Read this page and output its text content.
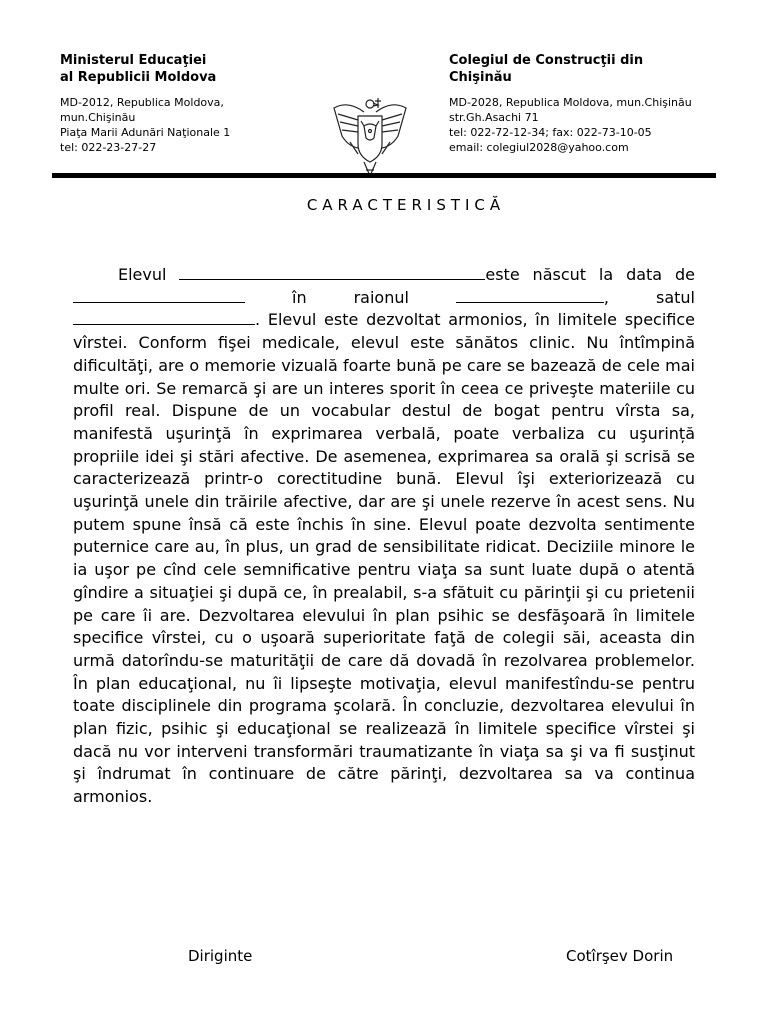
Ministerul Educaţiei
al Republicii Moldova
MD-2012, Republica Moldova,
mun.Chişinău
Piaţa Marii Adunări Naţionale 1
tel: 022-23-27-27
Colegiul de Construcţii din
Chişinău
MD-2028, Republica Moldova, mun.Chişinău
str.Gh.Asachi 71
tel: 022-72-12-34; fax: 022-73-10-05
email: colegiul2028@yahoo.com
CARACTERISTICĂ
Elevul	este născut la data de  în raionul	, satul . Elevul este dezvoltat armonios, în limitele specifice vîrstei. Conform fişei medicale, elevul este sănătos clinic. Nu întîmpină dificultăţi, are o memorie vizuală foarte bună pe care se bazează de cele mai multe ori. Se remarcă şi are un interes sporit în ceea ce priveşte materiile cu profil real. Dispune de un vocabular destul de bogat pentru vîrsta sa, manifestă uşurinţă în exprimarea verbală, poate verbaliza cu uşurință propriile idei şi stări afective. De asemenea, exprimarea sa orală şi scrisă se caracterizează printr-o corectitudine bună. Elevul îşi exteriorizează cu uşurinţă unele din trăirile afective, dar are şi unele rezerve în acest sens. Nu putem spune însă că este închis în sine. Elevul poate dezvolta sentimente puternice care au, în plus, un grad de sensibilitate ridicat. Deciziile minore le ia uşor pe cînd cele semnificative pentru viaţa sa sunt luate după o atentă gîndire a situaţiei şi după ce, în prealabil, s-a sfătuit cu părinţii şi cu prietenii pe care îi are. Dezvoltarea elevului în plan psihic se desfăşoară în limitele specifice vîrstei, cu o uşoară superioritate faţă de colegii săi, aceasta din urmă datorîndu-se maturităţii de care dă dovadă în rezolvarea problemelor. În plan educaţional, nu îi lipseşte motivaţia, elevul manifestîndu-se pentru toate disciplinele din programa şcolară. În concluzie, dezvoltarea elevului în plan fizic, psihic şi educaţional se realizează în limitele specifice vîrstei şi dacă nu vor interveni transformări traumatizante în viaţa sa şi va fi susţinut şi îndrumat în continuare de către părinţi, dezvoltarea sa va continua armonios.
Diriginte	Cotîrşev Dorin
